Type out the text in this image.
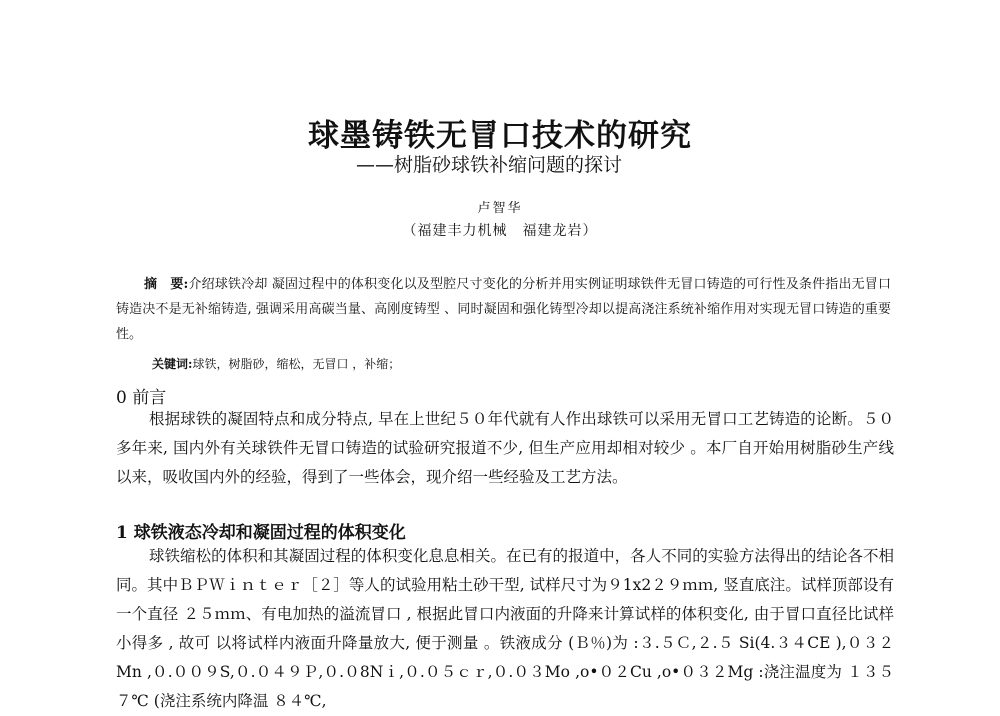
球墨铸铁无冒口技术的研究
——树脂砂球铁补缩问题的探讨
卢智华
（福建丰力机械　福建龙岩）

摘　要:介绍球铁冷却 凝固过程中的体积变化以及型腔尺寸变化的分析并用实例证明球铁件无冒口铸造的可行性及条件指出无冒口铸造决不是无补缩铸造, 强调采用高碳当量、高刚度铸型 、同时凝固和强化铸型冷却以提高浇注系统补缩作用对实现无冒口铸造的重要性。

关键词:球铁，树脂砂，缩松，无冒口 ，补缩；

0 前言

根据球铁的凝固特点和成分特点, 早在上世纪５０年代就有人作出球铁可以采用无冒口工艺铸造的论断。５０ 多年来, 国内外有关球铁件无冒口铸造的试验研究报道不少, 但生产应用却相对较少 。本厂自开始用树脂砂生产线以来，吸收国内外的经验，得到了一些体会，现介绍一些经验及工艺方法。

1 球铁液态冷却和凝固过程的体积变化

球铁缩松的体积和其凝固过程的体积变化息息相关。在已有的报道中，各人不同的实验方法得出的结论各不相同。其中ＢＰＷｉｎｔｅｒ［２］等人的试验用粘土砂干型, 试样尺寸为９1x2２９ｍｍ, 竖直底注。试样顶部设有一个直径 ２５ｍｍ、有电加热的溢流冒口 , 根据此冒口内液面的升降来计算试样的体积变化, 由于冒口直径比试样小得多 , 故可 以将试样内液面升降量放大, 便于测量 。铁液成分 (Ｂ％)为 :３.５Ｃ,２.５ Si(4.３４CE ),０３２Mn ,０.００９S,０.０４９Ｐ,０.０8Nｉ,０.０５ｃｒ,０.０３Mo ,o•０２Cu ,o•０３２Mg :浇注温度为 １３５７℃ (浇注系统内降温 ８４℃,
